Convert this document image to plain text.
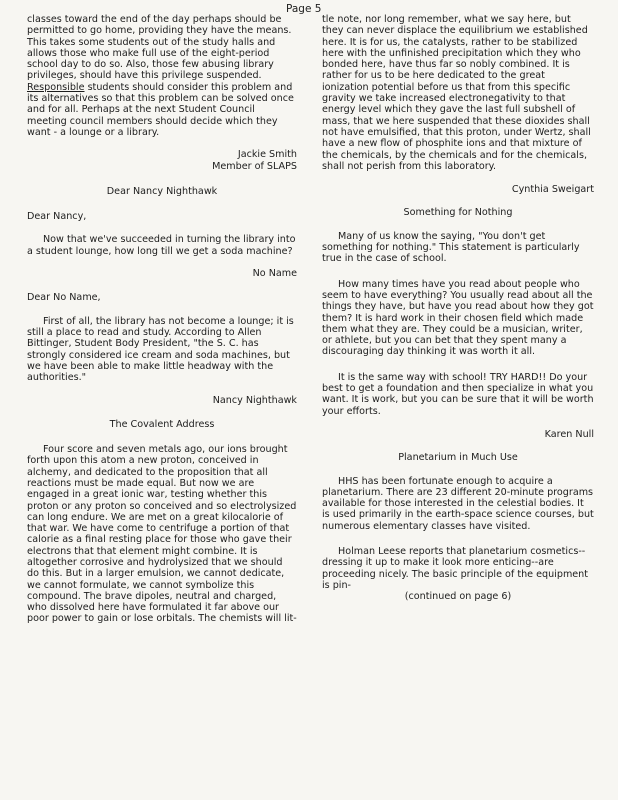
Page 5

classes toward the end of the day perhaps should be permitted to go home, providing they have the means. This takes some students out of the study halls and allows those who make full use of the eight-period school day to do so. Also, those few abusing library privileges, should have this privilege suspended. Responsible students should consider this problem and its alternatives so that this problem can be solved once and for all. Perhaps at the next Student Council meeting council members should decide which they want - a lounge or a library.

Jackie Smith

Member of SLAPS

Dear Nancy Nighthawk

Dear Nancy,

Now that we've succeeded in turning the library into a student lounge, how long till we get a soda machine?

No Name

Dear No Name,

First of all, the library has not become a lounge; it is still a place to read and study. According to Allen Bittinger, Student Body President, "the S. C. has strongly considered ice cream and soda machines, but we have been able to make little headway with the authorities."

Nancy Nighthawk

The Covalent Address

Four score and seven metals ago, our ions brought forth upon this atom a new proton, conceived in alchemy, and dedicated to the proposition that all reactions must be made equal. But now we are engaged in a great ionic war, testing whether this proton or any proton so conceived and so electrolysized can long endure. We are met on a great kilocalorie of that war. We have come to centrifuge a portion of that calorie as a final resting place for those who gave their electrons that that element might combine. It is altogether corrosive and hydrolysized that we should do this. But in a larger emulsion, we cannot dedicate, we cannot formulate, we cannot symbolize this compound. The brave dipoles, neutral and charged, who dissolved here have formulated it far above our poor power to gain or lose orbitals. The chemists will lit-

tle note, nor long remember, what we say here, but they can never displace the equilibrium we established here. It is for us, the catalysts, rather to be stabilized here with the unfinished precipitation which they who bonded here, have thus far so nobly combined. It is rather for us to be here dedicated to the great ionization potential before us that from this specific gravity we take increased electronegativity to that energy level which they gave the last full subshell of mass, that we here suspended that these dioxides shall not have emulsified, that this proton, under Wertz, shall have a new flow of phosphite ions and that mixture of the chemicals, by the chemicals and for the chemicals, shall not perish from this laboratory.

Cynthia Sweigart

Something for Nothing

Many of us know the saying, "You don't get something for nothing." This statement is particularly true in the case of school.

How many times have you read about people who seem to have everything? You usually read about all the things they have, but have you read about how they got them? It is hard work in their chosen field which made them what they are. They could be a musician, writer, or athlete, but you can bet that they spent many a discouraging day thinking it was worth it all.

It is the same way with school! TRY HARD!! Do your best to get a foundation and then specialize in what you want. It is work, but you can be sure that it will be worth your efforts.

Karen Null

Planetarium in Much Use

HHS has been fortunate enough to acquire a planetarium. There are 23 different 20-minute programs available for those interested in the celestial bodies. It is used primarily in the earth-space science courses, but numerous elementary classes have visited.

Holman Leese reports that planetarium cosmetics--dressing it up to make it look more enticing--are proceeding nicely. The basic principle of the equipment is pin-

(continued on page 6)
